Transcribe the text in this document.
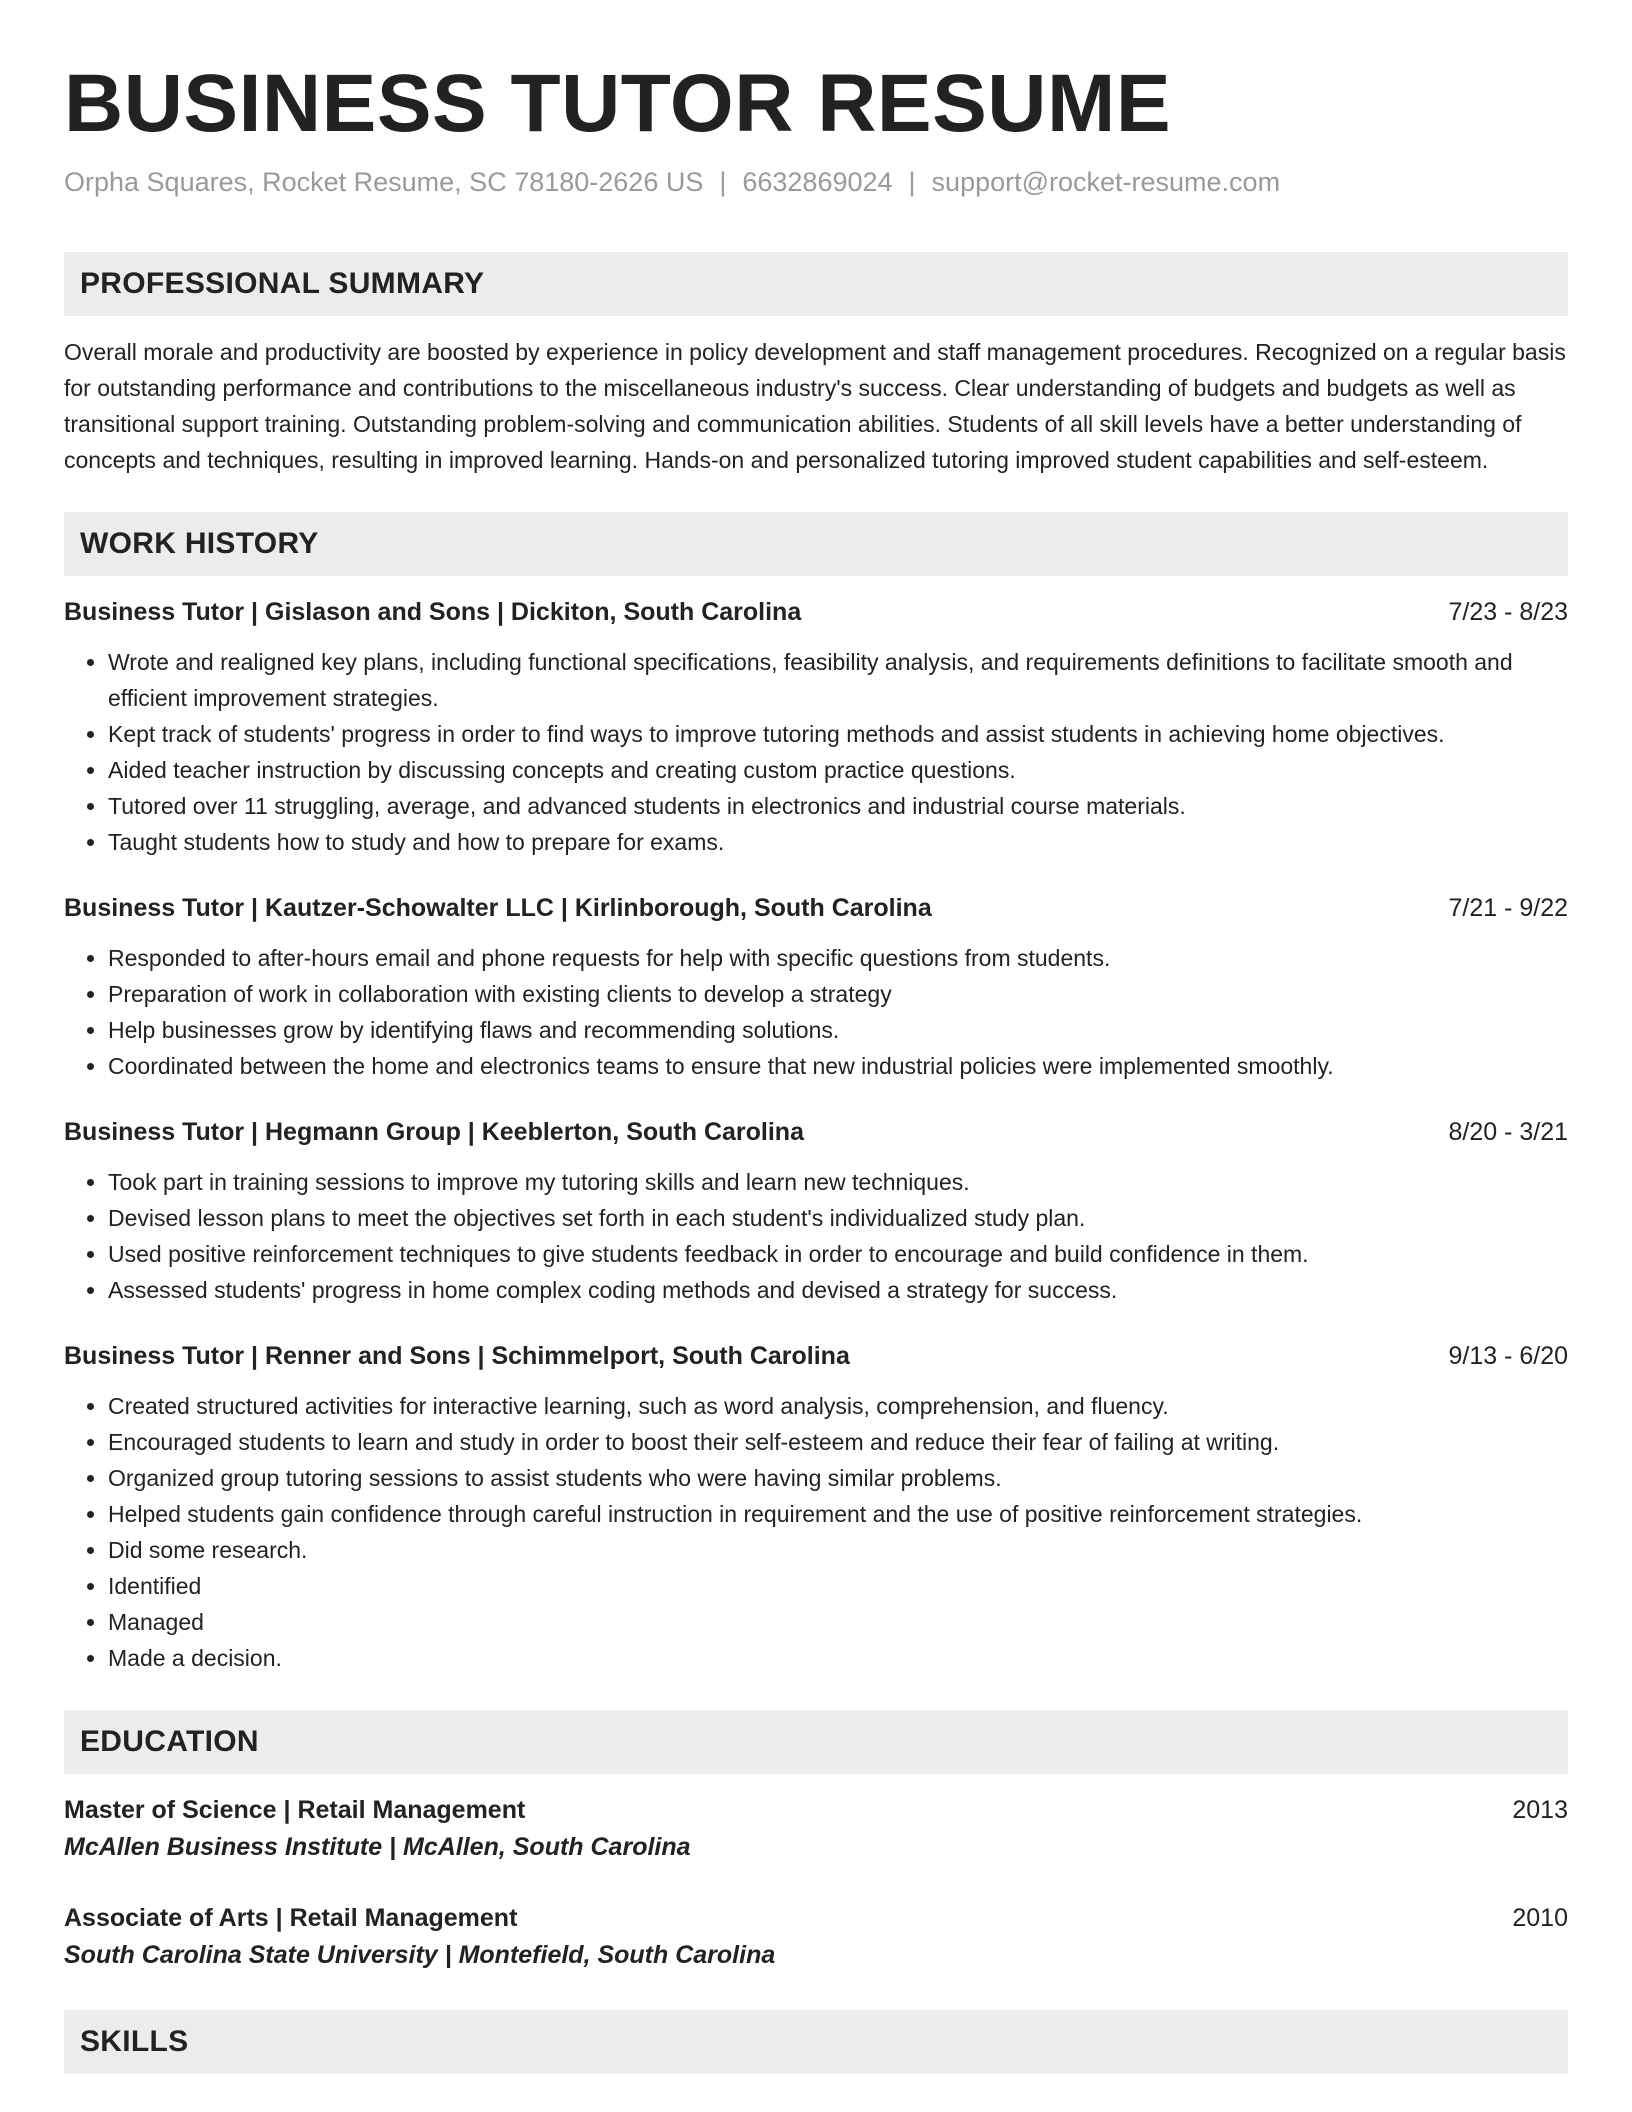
BUSINESS TUTOR RESUME
Orpha Squares, Rocket Resume, SC 78180-2626 US | 6632869024 | support@rocket-resume.com
PROFESSIONAL SUMMARY
Overall morale and productivity are boosted by experience in policy development and staff management procedures. Recognized on a regular basis for outstanding performance and contributions to the miscellaneous industry's success. Clear understanding of budgets and budgets as well as transitional support training. Outstanding problem-solving and communication abilities. Students of all skill levels have a better understanding of concepts and techniques, resulting in improved learning. Hands-on and personalized tutoring improved student capabilities and self-esteem.
WORK HISTORY
Business Tutor | Gislason and Sons | Dickiton, South Carolina	7/23 - 8/23
• Wrote and realigned key plans, including functional specifications, feasibility analysis, and requirements definitions to facilitate smooth and efficient improvement strategies.
• Kept track of students' progress in order to find ways to improve tutoring methods and assist students in achieving home objectives.
• Aided teacher instruction by discussing concepts and creating custom practice questions.
• Tutored over 11 struggling, average, and advanced students in electronics and industrial course materials.
• Taught students how to study and how to prepare for exams.
Business Tutor | Kautzer-Schowalter LLC | Kirlinborough, South Carolina	7/21 - 9/22
• Responded to after-hours email and phone requests for help with specific questions from students.
• Preparation of work in collaboration with existing clients to develop a strategy
• Help businesses grow by identifying flaws and recommending solutions.
• Coordinated between the home and electronics teams to ensure that new industrial policies were implemented smoothly.
Business Tutor | Hegmann Group | Keeblerton, South Carolina	8/20 - 3/21
• Took part in training sessions to improve my tutoring skills and learn new techniques.
• Devised lesson plans to meet the objectives set forth in each student's individualized study plan.
• Used positive reinforcement techniques to give students feedback in order to encourage and build confidence in them.
• Assessed students' progress in home complex coding methods and devised a strategy for success.
Business Tutor | Renner and Sons | Schimmelport, South Carolina	9/13 - 6/20
• Created structured activities for interactive learning, such as word analysis, comprehension, and fluency.
• Encouraged students to learn and study in order to boost their self-esteem and reduce their fear of failing at writing.
• Organized group tutoring sessions to assist students who were having similar problems.
• Helped students gain confidence through careful instruction in requirement and the use of positive reinforcement strategies.
• Did some research.
• Identified
• Managed
• Made a decision.
EDUCATION
Master of Science | Retail Management	2013
McAllen Business Institute | McAllen, South Carolina
Associate of Arts | Retail Management	2010
South Carolina State University | Montefield, South Carolina
SKILLS
